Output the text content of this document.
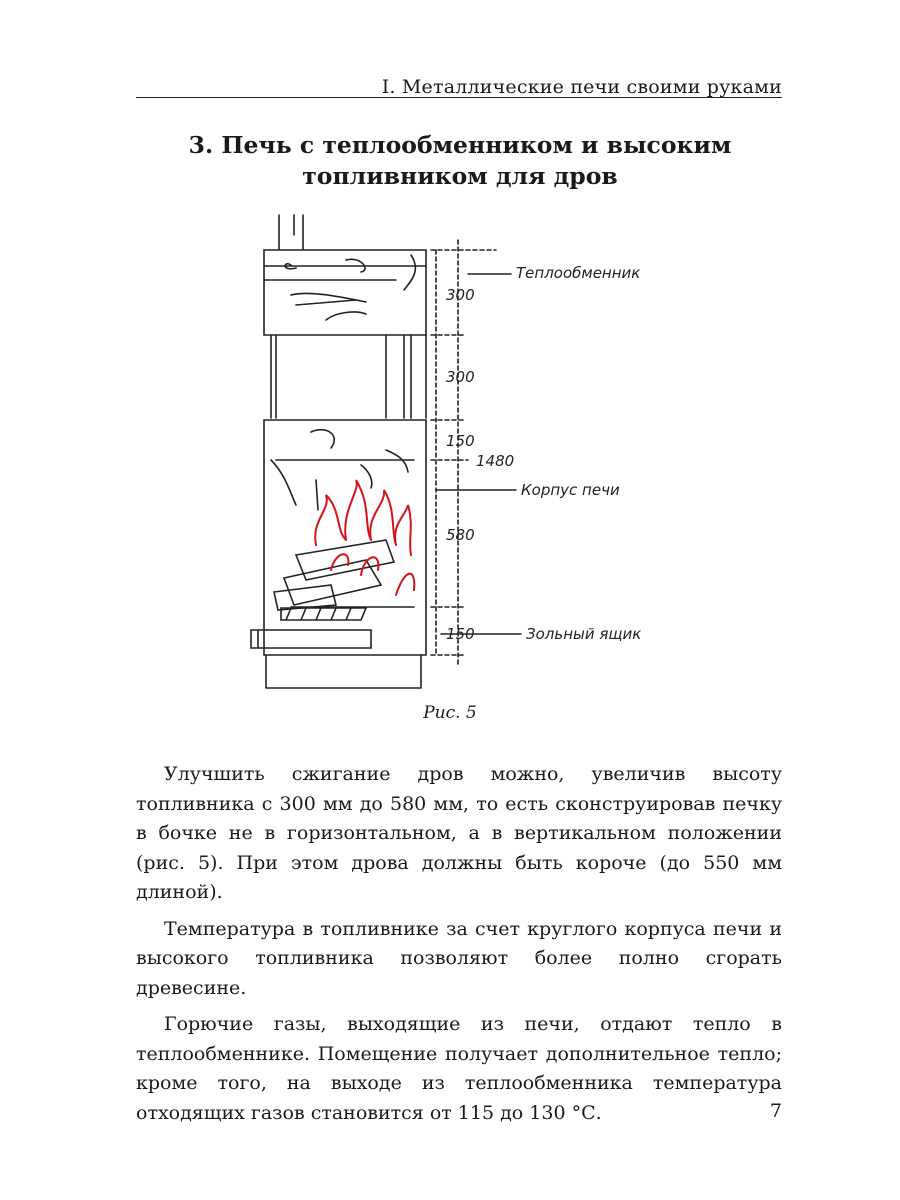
I. Металлические печи своими руками
3. Печь с теплообменником и высоким
топливником для дров
300
300
150
1480
580
150
Теплообменник
Корпус печи
Зольный ящик
Рис. 5

Улучшить сжигание дров можно, увеличив высоту топливника с 300 мм до 580 мм, то есть сконструировав печку в бочке не в горизонтальном, а в вертикальном положении (рис. 5). При этом дрова должны быть короче (до 550 мм длиной).

Температура в топливнике за счет круглого корпуса печи и высокого топливника позволяют более полно сгорать древесине.

Горючие газы, выходящие из печи, отдают тепло в теплообменнике. Помещение получает дополнительное тепло; кроме того, на выходе из теплообменника температура отходящих газов становится от 115 до 130 °С.	7
